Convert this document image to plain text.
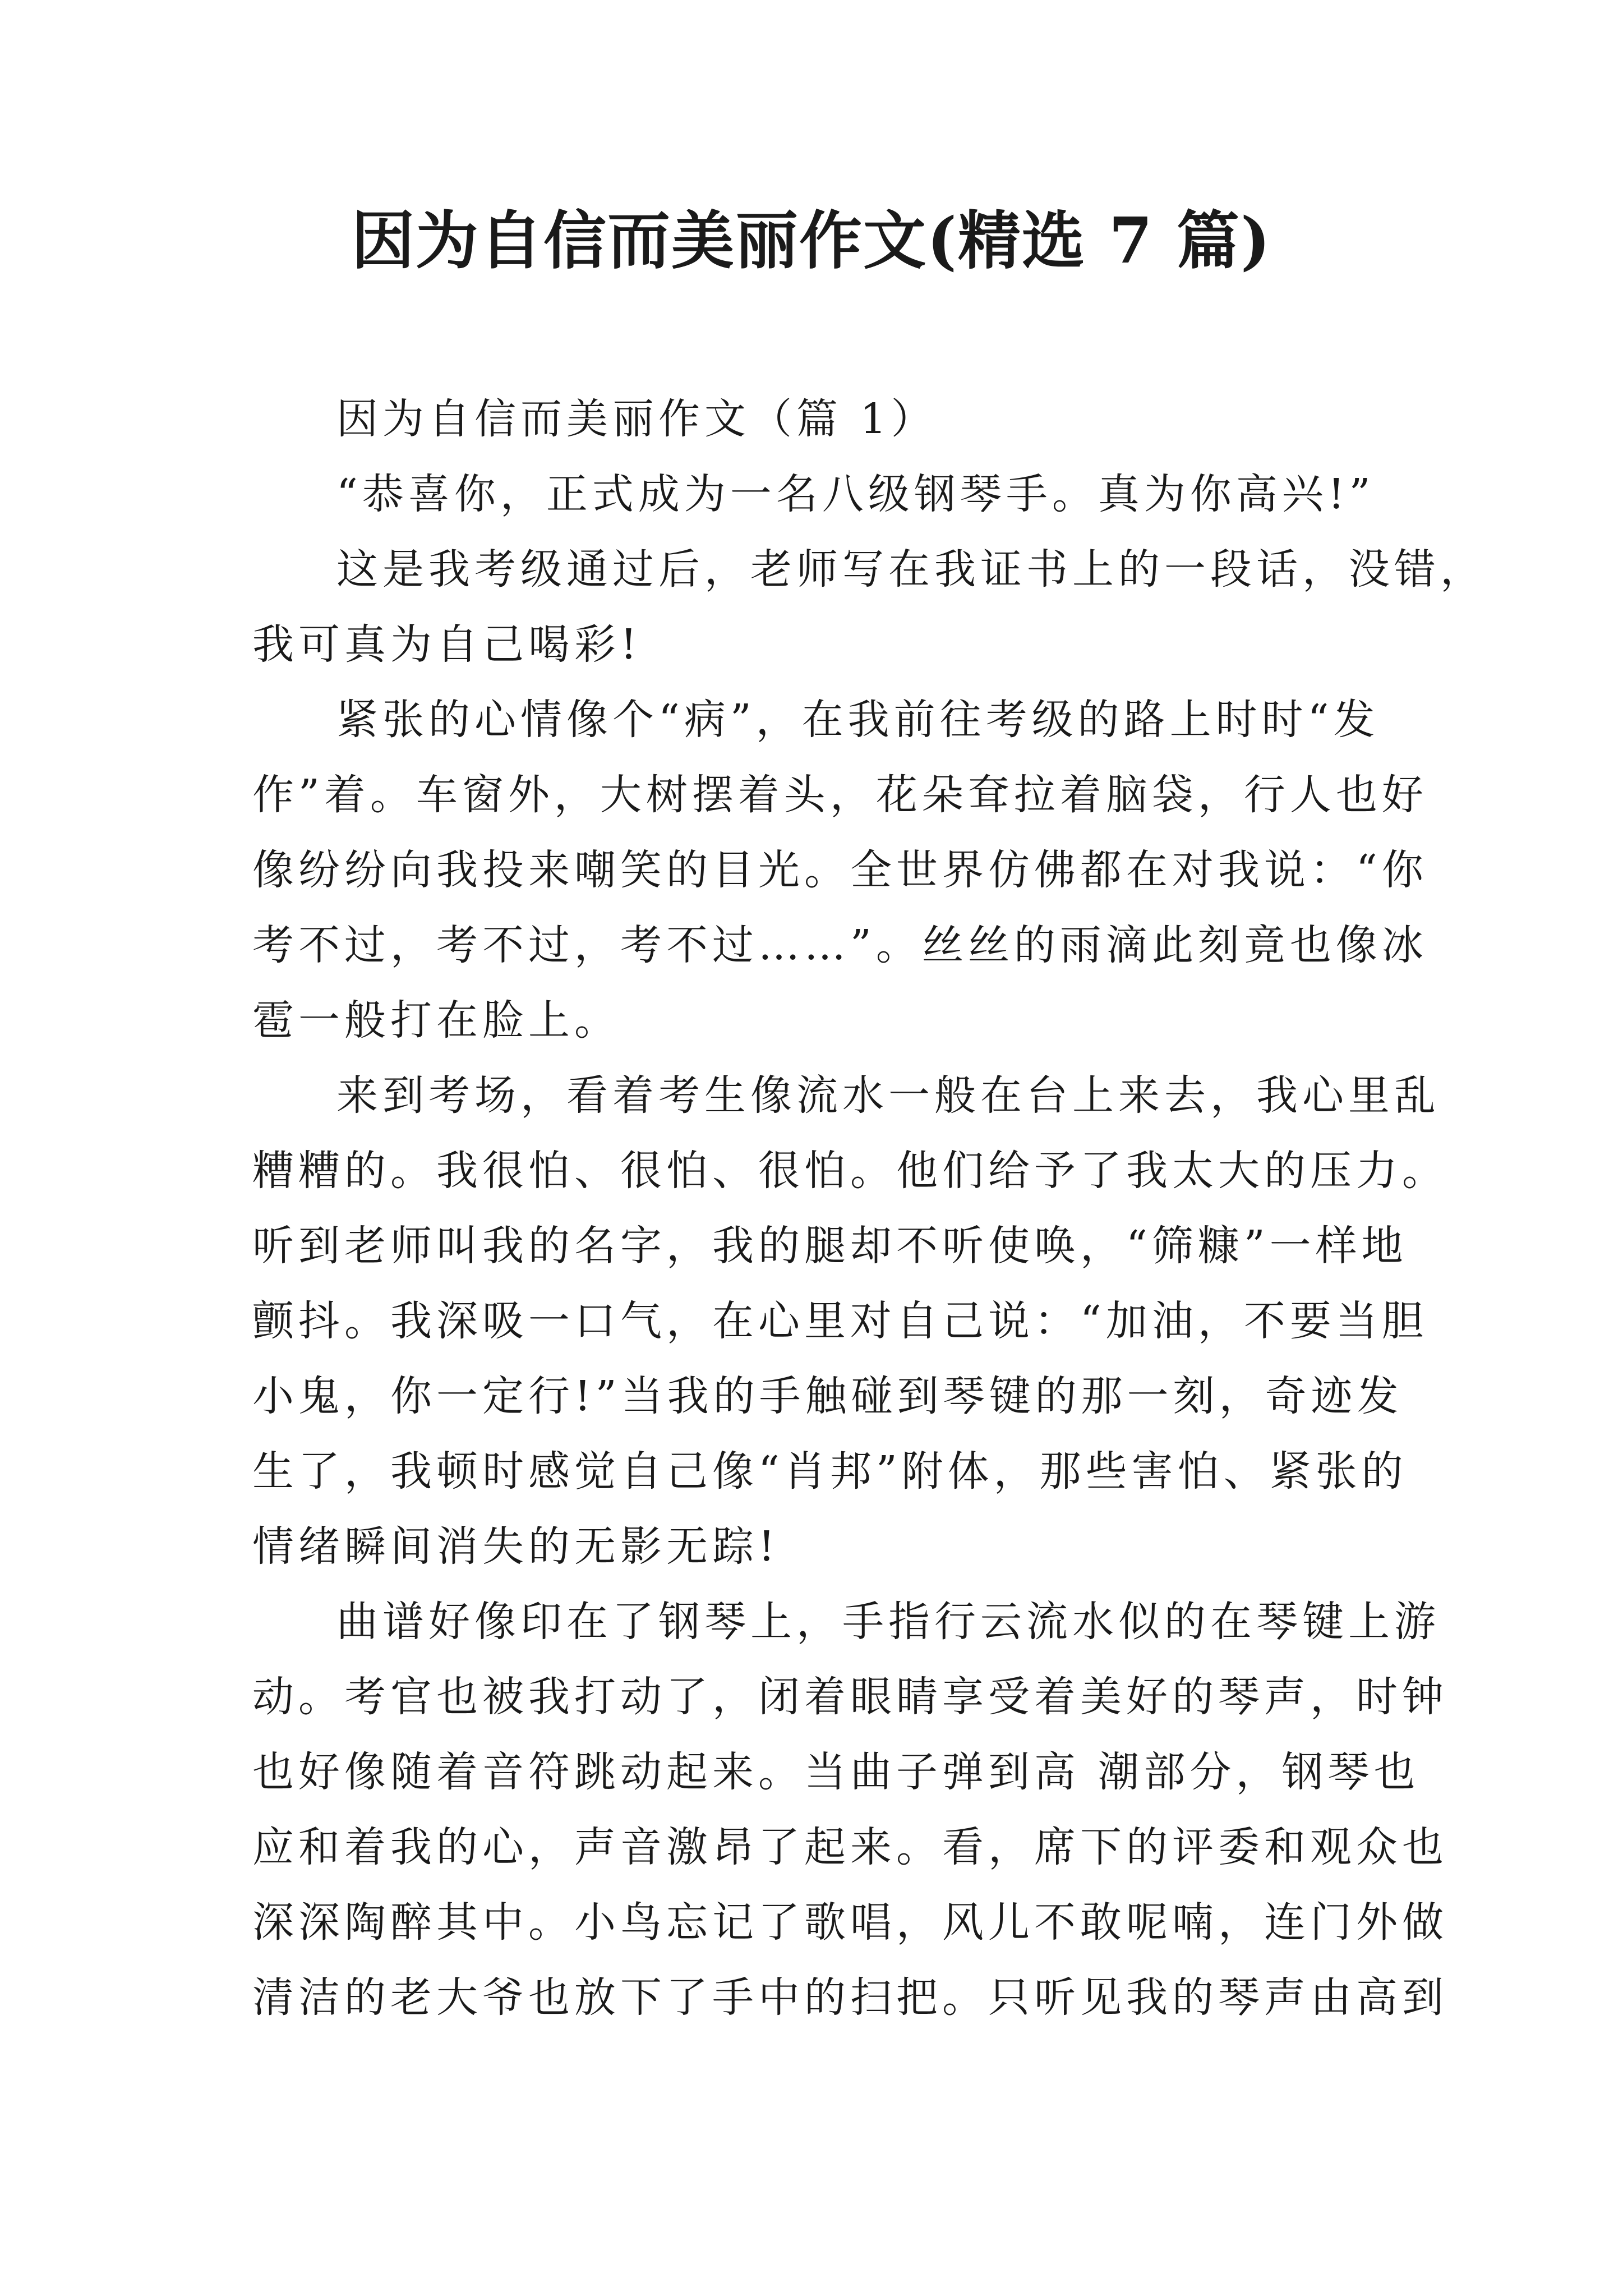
因为自信而美丽作文(精选 7 篇)
因为自信而美丽作文（篇 1）
“恭喜你，正式成为一名八级钢琴手。真为你高兴!”
这是我考级通过后，老师写在我证书上的一段话，没错，
我可真为自己喝彩!
紧张的心情像个“病”，在我前往考级的路上时时“发
作”着。车窗外，大树摆着头，花朵耷拉着脑袋，行人也好
像纷纷向我投来嘲笑的目光。全世界仿佛都在对我说：“你
考不过，考不过，考不过……”。丝丝的雨滴此刻竟也像冰
雹一般打在脸上。
来到考场，看着考生像流水一般在台上来去，我心里乱
糟糟的。我很怕、很怕、很怕。他们给予了我太大的压力。
听到老师叫我的名字，我的腿却不听使唤，“筛糠”一样地
颤抖。我深吸一口气，在心里对自己说：“加油，不要当胆
小鬼，你一定行!”当我的手触碰到琴键的那一刻，奇迹发
生了，我顿时感觉自己像“肖邦”附体，那些害怕、紧张的
情绪瞬间消失的无影无踪!
曲谱好像印在了钢琴上，手指行云流水似的在琴键上游
动。考官也被我打动了，闭着眼睛享受着美好的琴声，时钟
也好像随着音符跳动起来。当曲子弹到高 潮部分，钢琴也
应和着我的心，声音激昂了起来。看，席下的评委和观众也
深深陶醉其中。小鸟忘记了歌唱，风儿不敢呢喃，连门外做
清洁的老大爷也放下了手中的扫把。只听见我的琴声由高到
